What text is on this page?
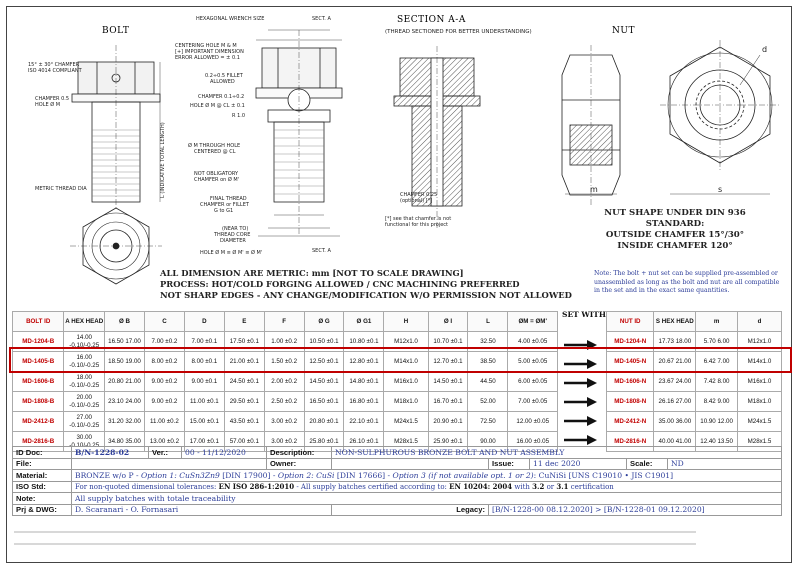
BOLT
SECTION A-A
(THREAD SECTIONED FOR BETTER UNDERSTANDING)	NUT
15° ± 30° CHAMFER
ISO 4014 COMPLIANT
CHAMFER 0.5
HOLE Ø M
METRIC THREAD DIA	L (INDICATIVE TOTAL LENGTH)
HEXAGONAL WRENCH SIZE
CENTERING HOLE M & M
[+] IMPORTANT DIMENSION
ERROR ALLOWED = ± 0.1
0.2÷0.5 FILLET
ALLOWED
CHAMFER 0.1÷0.2
HOLE Ø M @ CL ± 0.1
R 1.0
Ø M THROUGH HOLE
CENTERED @ CL
NOT OBLIGATORY
CHAMFER on Ø M'
FINAL THREAD
CHAMFER or FILLET
G to G1
(NEAR TO)
THREAD CORE
DIAMETER
HOLE Ø M ≡ Ø M' ≡ Ø M'
SECT. A
SECT. A
CHAMFER 0.25
(optional) [*]
[*] see that chamfer is not
functional for this project
m	s
d
ALL DIMENSION ARE METRIC: mm [NOT TO SCALE DRAWING]
PROCESS: HOT/COLD FORGING ALLOWED / CNC MACHINING PREFERRED
NOT SHARP EDGES - ANY CHANGE/MODIFICATION W/O PERMISSION NOT ALLOWED
NUT SHAPE UNDER DIN 936 STANDARD:
OUTSIDE CHAMFER 15°/30°
INSIDE CHAMFER 120°
Note: The bolt + nut set can be supplied pre-assembled or unassembled as long as the bolt and nut are all compatible in the set and in the exact same quantities.
BOLT ID	A HEX HEAD	Ø B	C	D	E	F	Ø G	Ø G1	H	Ø I	L	ØM = ØM'
MD-1204-B	14.00 -0.10/-0.25	16.50 17.00	7.00 ±0.2	7.00 ±0.1	17.50 ±0.1	1.00 ±0.2	10.50 ±0.1	10.80 ±0.1	M12x1.0	10.70 ±0.1	32.50	4.00 ±0.05
MD-1405-B	16.00 -0.10/-0.25	18.50 19.00	8.00 ±0.2	8.00 ±0.1	21.00 ±0.1	1.50 ±0.2	12.50 ±0.1	12.80 ±0.1	M14x1.0	12.70 ±0.1	38.50	5.00 ±0.05
MD-1606-B	18.00 -0.10/-0.25	20.80 21.00	9.00 ±0.2	9.00 ±0.1	24.50 ±0.1	2.00 ±0.2	14.50 ±0.1	14.80 ±0.1	M16x1.0	14.50 ±0.1	44.50	6.00 ±0.05
MD-1808-B	20.00 -0.10/-0.25	23.10 24.00	9.00 ±0.2	11.00 ±0.1	29.50 ±0.1	2.50 ±0.2	16.50 ±0.1	16.80 ±0.1	M18x1.0	16.70 ±0.1	52.00	7.00 ±0.05
MD-2412-B	27.00 -0.10/-0.25	31.20 32.00	11.00 ±0.2	15.00 ±0.1	43.50 ±0.1	3.00 ±0.2	20.80 ±0.1	22.10 ±0.1	M24x1.5	20.90 ±0.1	72.50	12.00 ±0.05
MD-2816-B	30.00 -0.10/-0.25	34.80 35.00	13.00 ±0.2	17.00 ±0.1	57.00 ±0.1	3.00 ±0.2	25.80 ±0.1	26.10 ±0.1	M28x1.5	25.90 ±0.1	90.00	16.00 ±0.05
SET WITH
NUT ID	S HEX HEAD	m	d
MD-1204-N	17.73 18.00	5.70 6.00	M12x1.0
MD-1405-N	20.67 21.00	6.42 7.00	M14x1.0
MD-1606-N	23.67 24.00	7.42 8.00	M16x1.0
MD-1808-N	26.16 27.00	8.42 9.00	M18x1.0
MD-2412-N	35.00 36.00	10.90 12.00	M24x1.5
MD-2816-N	40.00 41.00	12.40 13.50	M28x1.5
ID Doc:	B/N-1228-02	Ver.:	00 - 11/12/2020	Description:	NON-SULPHUROUS BRONZE BOLT AND NUT ASSEMBLY				
File:				Owner:		Issue:	11 dec 2020	Scale:	ND
Material:	BRONZE w/o P - Option 1: CuSn3Zn9 [DIN 17900] - Option 2: CuSi [DIN 17666] - Option 3 (if not available opt. 1 or 2): CuNiSi [UNS C19010 • JIS C1901]								
ISO Std:	For non-quoted dimensional tolerances: EN ISO 286-1:2010 - All supply batches certified according to: EN 10204: 2004 with 3.2 or 3.1 certification								
Note:	All supply batches with totale traceability								
Prj & DWG:	D. Scaranari - O. Fornasari				Legacy:	[B/N-1228-00 08.12.2020] > [B/N-1228-01 09.12.2020]			
